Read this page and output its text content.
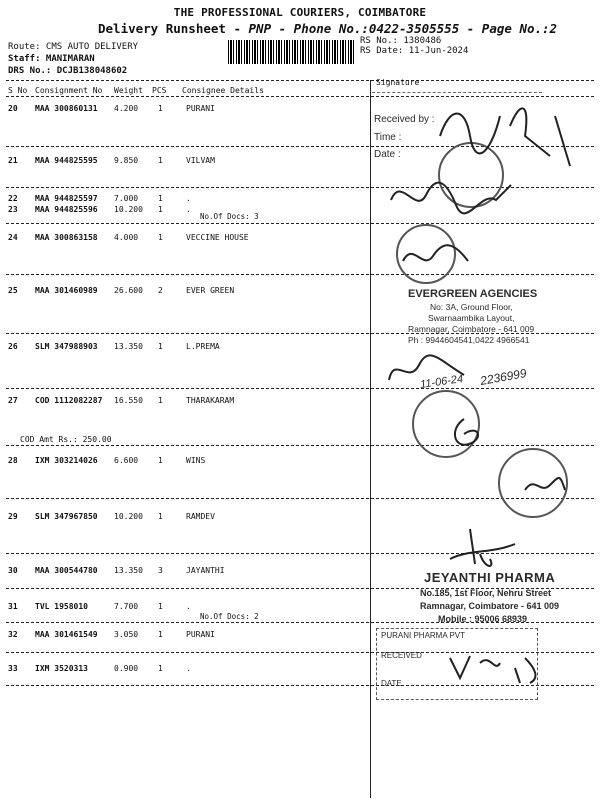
THE PROFESSIONAL COURIERS, COIMBATORE
Delivery Runsheet - PNP - Phone No.:0422-3505555 - Page No.:2
Route: CMS AUTO DELIVERY
Staff: MANIMARAN
DRS No.: DCJB138048602
RS No.: 1380486
RS Date: 11-Jun-2024
S No Consignment No Weight PCS Consignee Details
Signature
20 MAA 300860131 4.200 1	PURANI
21 MAA 944825595 9.850 1	VILVAM
22 MAA 944825597 7.000 1	.
23 MAA 944825596 10.200 1	.
24 MAA 300863158 4.000 1	VECCINE HOUSE
25 MAA 301460989 26.600 2	EVER GREEN
26 SLM 347988903 13.350 1	L.PREMA
27 COD 1112082287 16.550 1	THARAKARAM
28 IXM 303214026 6.600 1	WINS
29 SLM 347967850 10.200 1	RAMDEV
30 MAA 300544780 13.350 3	JAYANTHI
31 TVL 1958010	7.700 1	.
32 MAA 301461549 3.050 1	PURANI
33 IXM 3520313	0.900 1	.
No.Of Docs: 3
No.Of Docs: 2
COD Amt Rs.: 250.00
Received by :
Time :
Date :
EVERGREEN AGENCIES
No: 3A, Ground Floor,
Swarnaambika Layout,
Ramnagar, Coimbatore - 641 009
Ph : 9944604541,0422 4966541
11-06-24 2236999
JEYANTHI PHARMA
No.185, 1st Floor, Nehru Street
Ramnagar, Coimbatore - 641 009
Mobile : 95006 68939
PURANI PHARMA PVT
RECEIVED
DATE
